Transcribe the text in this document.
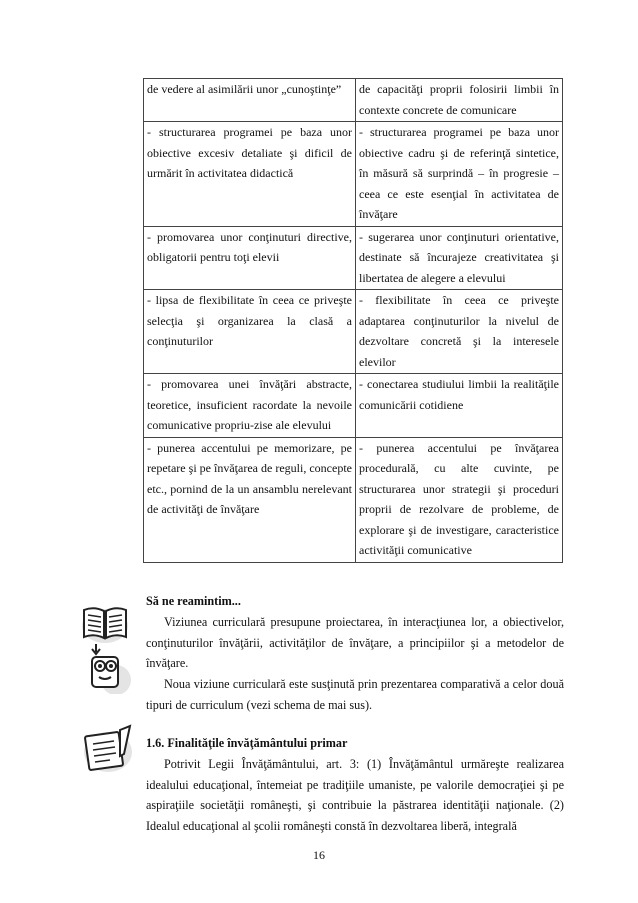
de vedere al asimilării unor „cunoştinţe”	de capacităţi proprii folosirii limbii în contexte concrete de comunicare
- structurarea programei pe baza unor obiective excesiv detaliate şi dificil de urmărit în activitatea didactică	- structurarea programei pe baza unor obiective cadru şi de referinţă sintetice, în măsură să surprindă – în progresie – ceea ce este esenţial în activitatea de învăţare
- promovarea unor conţinuturi directive, obligatorii pentru toţi elevii	- sugerarea unor conţinuturi orientative, destinate să încurajeze creativitatea şi libertatea de alegere a elevului
- lipsa de flexibilitate în ceea ce priveşte selecţia şi organizarea la clasă a conţinuturilor	- flexibilitate în ceea ce priveşte adaptarea conţinuturilor la nivelul de dezvoltare concretă şi la interesele elevilor
- promovarea unei învăţări abstracte, teoretice, insuficient racordate la nevoile comunicative propriu-zise ale elevului	- conectarea studiului limbii la realităţile comunicării cotidiene
- punerea accentului pe memorizare, pe repetare şi pe învăţarea de reguli, concepte etc., pornind de la un ansamblu nerelevant de activităţi de învăţare	- punerea accentului pe învăţarea procedurală, cu alte cuvinte, pe structurarea unor strategii şi proceduri proprii de rezolvare de probleme, de explorare şi de investigare, caracteristice activităţii comunicative
Să ne reamintim...
Viziunea curriculară presupune proiectarea, în interacţiunea lor, a obiectivelor, conţinuturilor învăţării, activităţilor de învăţare, a principiilor şi a metodelor de învăţare.
Noua viziune curriculară este susţinută prin prezentarea comparativă a celor două tipuri de curriculum (vezi schema de mai sus).
1.6. Finalităţile învăţământului primar
Potrivit Legii Învăţământului, art. 3: (1) Învăţământul urmăreşte realizarea idealului educaţional, întemeiat pe tradiţiile umaniste, pe valorile democraţiei şi pe aspiraţiile societăţii româneşti, şi contribuie la păstrarea identităţii naţionale. (2) Idealul educaţional al şcolii româneşti constă în dezvoltarea liberă, integrală
16
